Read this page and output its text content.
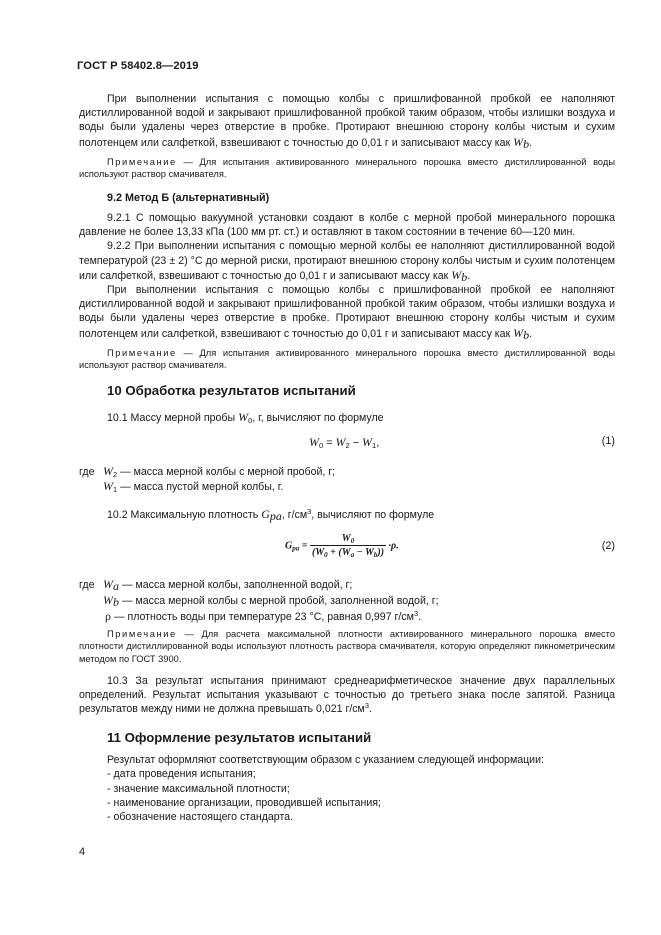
ГОСТ Р 58402.8—2019

При выполнении испытания с помощью колбы с пришлифованной пробкой ее наполняют дистиллированной водой и закрывают пришлифованной пробкой таким образом, чтобы излишки воздуха и воды были удалены через отверстие в пробке. Протирают внешнюю сторону колбы чистым и сухим полотенцем или салфеткой, взвешивают с точностью до 0,01 г и записывают массу как $W_b$.

Примечание — Для испытания активированного минерального порошка вместо дистиллированной воды используют раствор смачивателя.

9.2 Метод Б (альтернативный)

9.2.1 С помощью вакуумной установки создают в колбе с мерной пробой минерального порошка давление не более 13,33 кПа (100 мм рт. ст.) и оставляют в таком состоянии в течение 60—120 мин.

9.2.2 При выполнении испытания с помощью мерной колбы ее наполняют дистиллированной водой температурой (23 ± 2) °С до мерной риски, протирают внешнюю сторону колбы чистым и сухим полотенцем или салфеткой, взвешивают с точностью до 0,01 г и записывают массу как $W_b$.

При выполнении испытания с помощью колбы с пришлифованной пробкой ее наполняют дистиллированной водой и закрывают пришлифованной пробкой таким образом, чтобы излишки воздуха и воды были удалены через отверстие в пробке. Протирают внешнюю сторону колбы чистым и сухим полотенцем или салфеткой, взвешивают с точностью до 0,01 г и записывают массу как $W_b$.

Примечание — Для испытания активированного минерального порошка вместо дистиллированной воды используют раствор смачивателя.

10 Обработка результатов испытаний

10.1 Массу мерной пробы $W_0$, г, вычисляют по формуле

$W_0 = W_2 - W_1$,	(1)
где $W_2$ — масса мерной колбы с мерной пробой, г;
$W_1$ — масса пустой мерной колбы, г.

10.2 Максимальную плотность $G_{pa}$, $г/см^3$, вычисляют по формуле

$G_{pa} = \frac{W_0}{(W_0 + (W_a - W_b))} \cdot\rho$.	(2)
где $W_a$ — масса мерной колбы, заполненной водой, г;
$W_b$ — масса мерной колбы с мерной пробой, заполненной водой, г;
ρ — плотность воды при температуре 23 °С, равная 0,997 $г/см^3$.

Примечание — Для расчета максимальной плотности активированного минерального порошка вместо плотности дистиллированной воды используют плотность раствора смачивателя, которую определяют пикнометрическим методом по ГОСТ 3900.

10.3 За результат испытания принимают среднеарифметическое значение двух параллельных определений. Результат испытания указывают с точностью до третьего знака после запятой. Разница результатов между ними не должна превышать 0,021 $г/см^3$.

11 Оформление результатов испытаний
Результат оформляют соответствующим образом с указанием следующей информации:
- дата проведения испытания;
- значение максимальной плотности;
- наименование организации, проводившей испытания;
- обозначение настоящего стандарта.
4
